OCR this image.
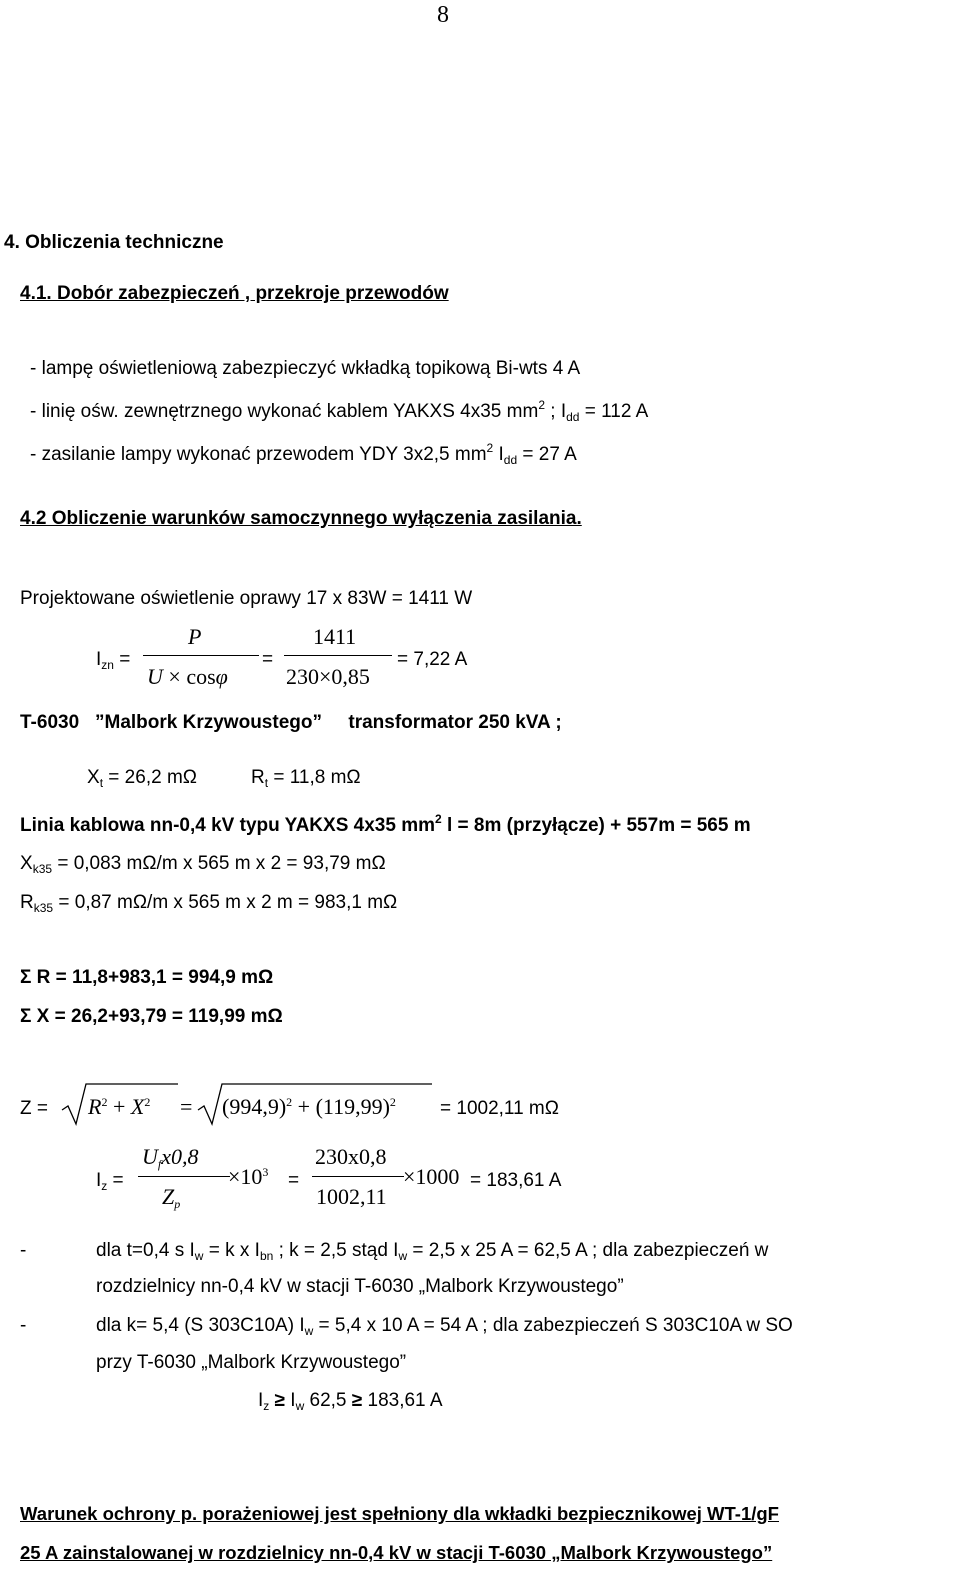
8
4. Obliczenia techniczne
4.1. Dobór zabezpieczeń , przekroje przewodów
- lampę oświetleniową zabezpieczyć wkładką topikową Bi-wts 4 A
- linię ośw. zewnętrznego wykonać kablem YAKXS 4x35 $mm^2$ ; $I_{dd} = 112$ A
- zasilanie lampy wykonać przewodem YDY 3x2,5 $mm^2$ $I_{dd} = 27$ A
4.2 Obliczenie warunków samoczynnego wyłączenia zasilania.
Projektowane oświetlenie oprawy 17 x 83W = 1411 W
$I_{zn}$ =
P
U × cosφ
=
1411
230×0,85
= 7,22 A
T-6030 ”Malbork Krzywoustego” transformator 250 kVA ;
$X_t = 26,2$ mΩ	$R_t = 11,8$ mΩ
Linia kablowa nn-0,4 kV typu YAKXS 4x35 $mm^2$ l = 8m (przyłącze) + 557m = 565 m
$X_{k35} = 0,083$ mΩ/m x 565 m x 2 = 93,79 mΩ
$R_{k35} = 0,87$ mΩ/m x 565 m x 2 m = 983,1 mΩ
Σ R = 11,8+983,1 = 994,9 mΩ
Σ X = 26,2+93,79 = 119,99 mΩ
$Z = R^2 + X^2 = (994,9)^2 + (119,99)^2 = 1002,11$ mΩ
$I_z$ =
$U_fx0,8$
$Z_p$
$\times 10^3$ =
230x0,8
1002,11
×1000 = 183,61 A
-	dla t=0,4 s $I_w = k$ x $I_{bn}$ ; k = 2,5 stąd $I_w = 2,5$ x 25 A = 62,5 A ; dla zabezpieczeń w
rozdzielnicy nn-0,4 kV w stacji T-6030 „Malbork Krzywoustego”
-	dla k= 5,4 (S 303C10A) $I_w = 5,4$ x 10 A = 54 A ; dla zabezpieczeń S 303C10A w SO
przy T-6030 „Malbork Krzywoustego”
$I_z \ge I_w$ 62,5 ≥ 183,61 A
Warunek ochrony p. porażeniowej jest spełniony dla wkładki bezpiecznikowej WT-1/gF
25 A zainstalowanej w rozdzielnicy nn-0,4 kV w stacji T-6030 „Malbork Krzywoustego”
